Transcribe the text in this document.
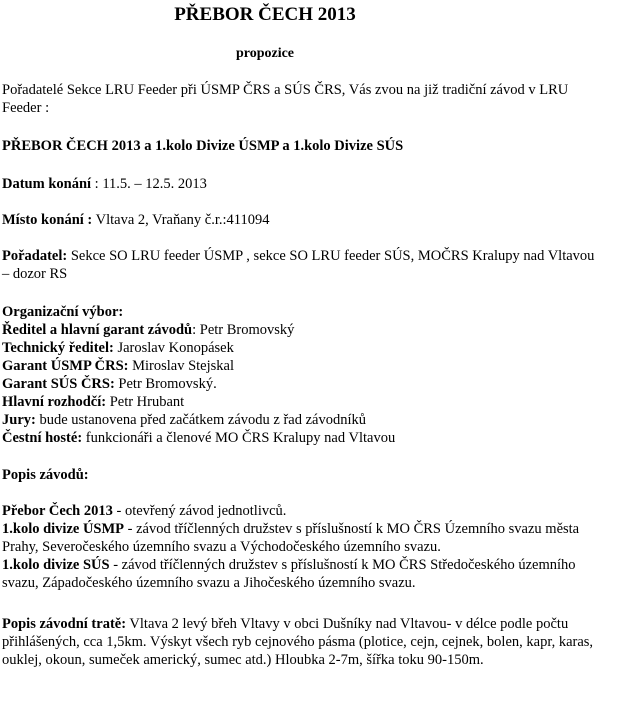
PŘEBOR ČECH 2013
propozice

Pořadatelé Sekce LRU Feeder při ÚSMP ČRS a SÚS ČRS, Vás zvou na již tradiční závod v LRU Feeder :

PŘEBOR ČECH 2013 a 1.kolo Divize ÚSMP a 1.kolo Divize SÚS

Datum konání : 11.5. – 12.5. 2013

Místo konání : Vltava 2, Vraňany č.r.:411094

Pořadatel: Sekce SO LRU feeder ÚSMP , sekce SO LRU feeder SÚS, MOČRS Kralupy nad Vltavou – dozor RS

Organizační výbor:

Ředitel a hlavní garant závodů: Petr Bromovský

Technický ředitel: Jaroslav Konopásek

Garant ÚSMP ČRS: Miroslav Stejskal

Garant SÚS ČRS: Petr Bromovský.

Hlavní rozhodčí: Petr Hrubant

Jury: bude ustanovena před začátkem závodu z řad závodníků

Čestní hosté: funkcionáři a členové MO ČRS Kralupy nad Vltavou

Popis závodů:

Přebor Čech 2013 - otevřený závod jednotlivců.

1.kolo divize ÚSMP - závod tříčlenných družstev s příslušností k MO ČRS Územního svazu města Prahy, Severočeského územního svazu a Východočeského územního svazu.

1.kolo divize SÚS - závod tříčlenných družstev s příslušností k MO ČRS Středočeského územního svazu, Západočeského územního svazu a Jihočeského územního svazu.

Popis závodní tratě: Vltava 2 levý břeh Vltavy v obci Dušníky nad Vltavou- v délce podle počtu přihlášených, cca 1,5km. Výskyt všech ryb cejnového pásma (plotice, cejn, cejnek, bolen, kapr, karas, ouklej, okoun, sumeček americký, sumec atd.) Hloubka 2-7m, šířka toku 90-150m.
